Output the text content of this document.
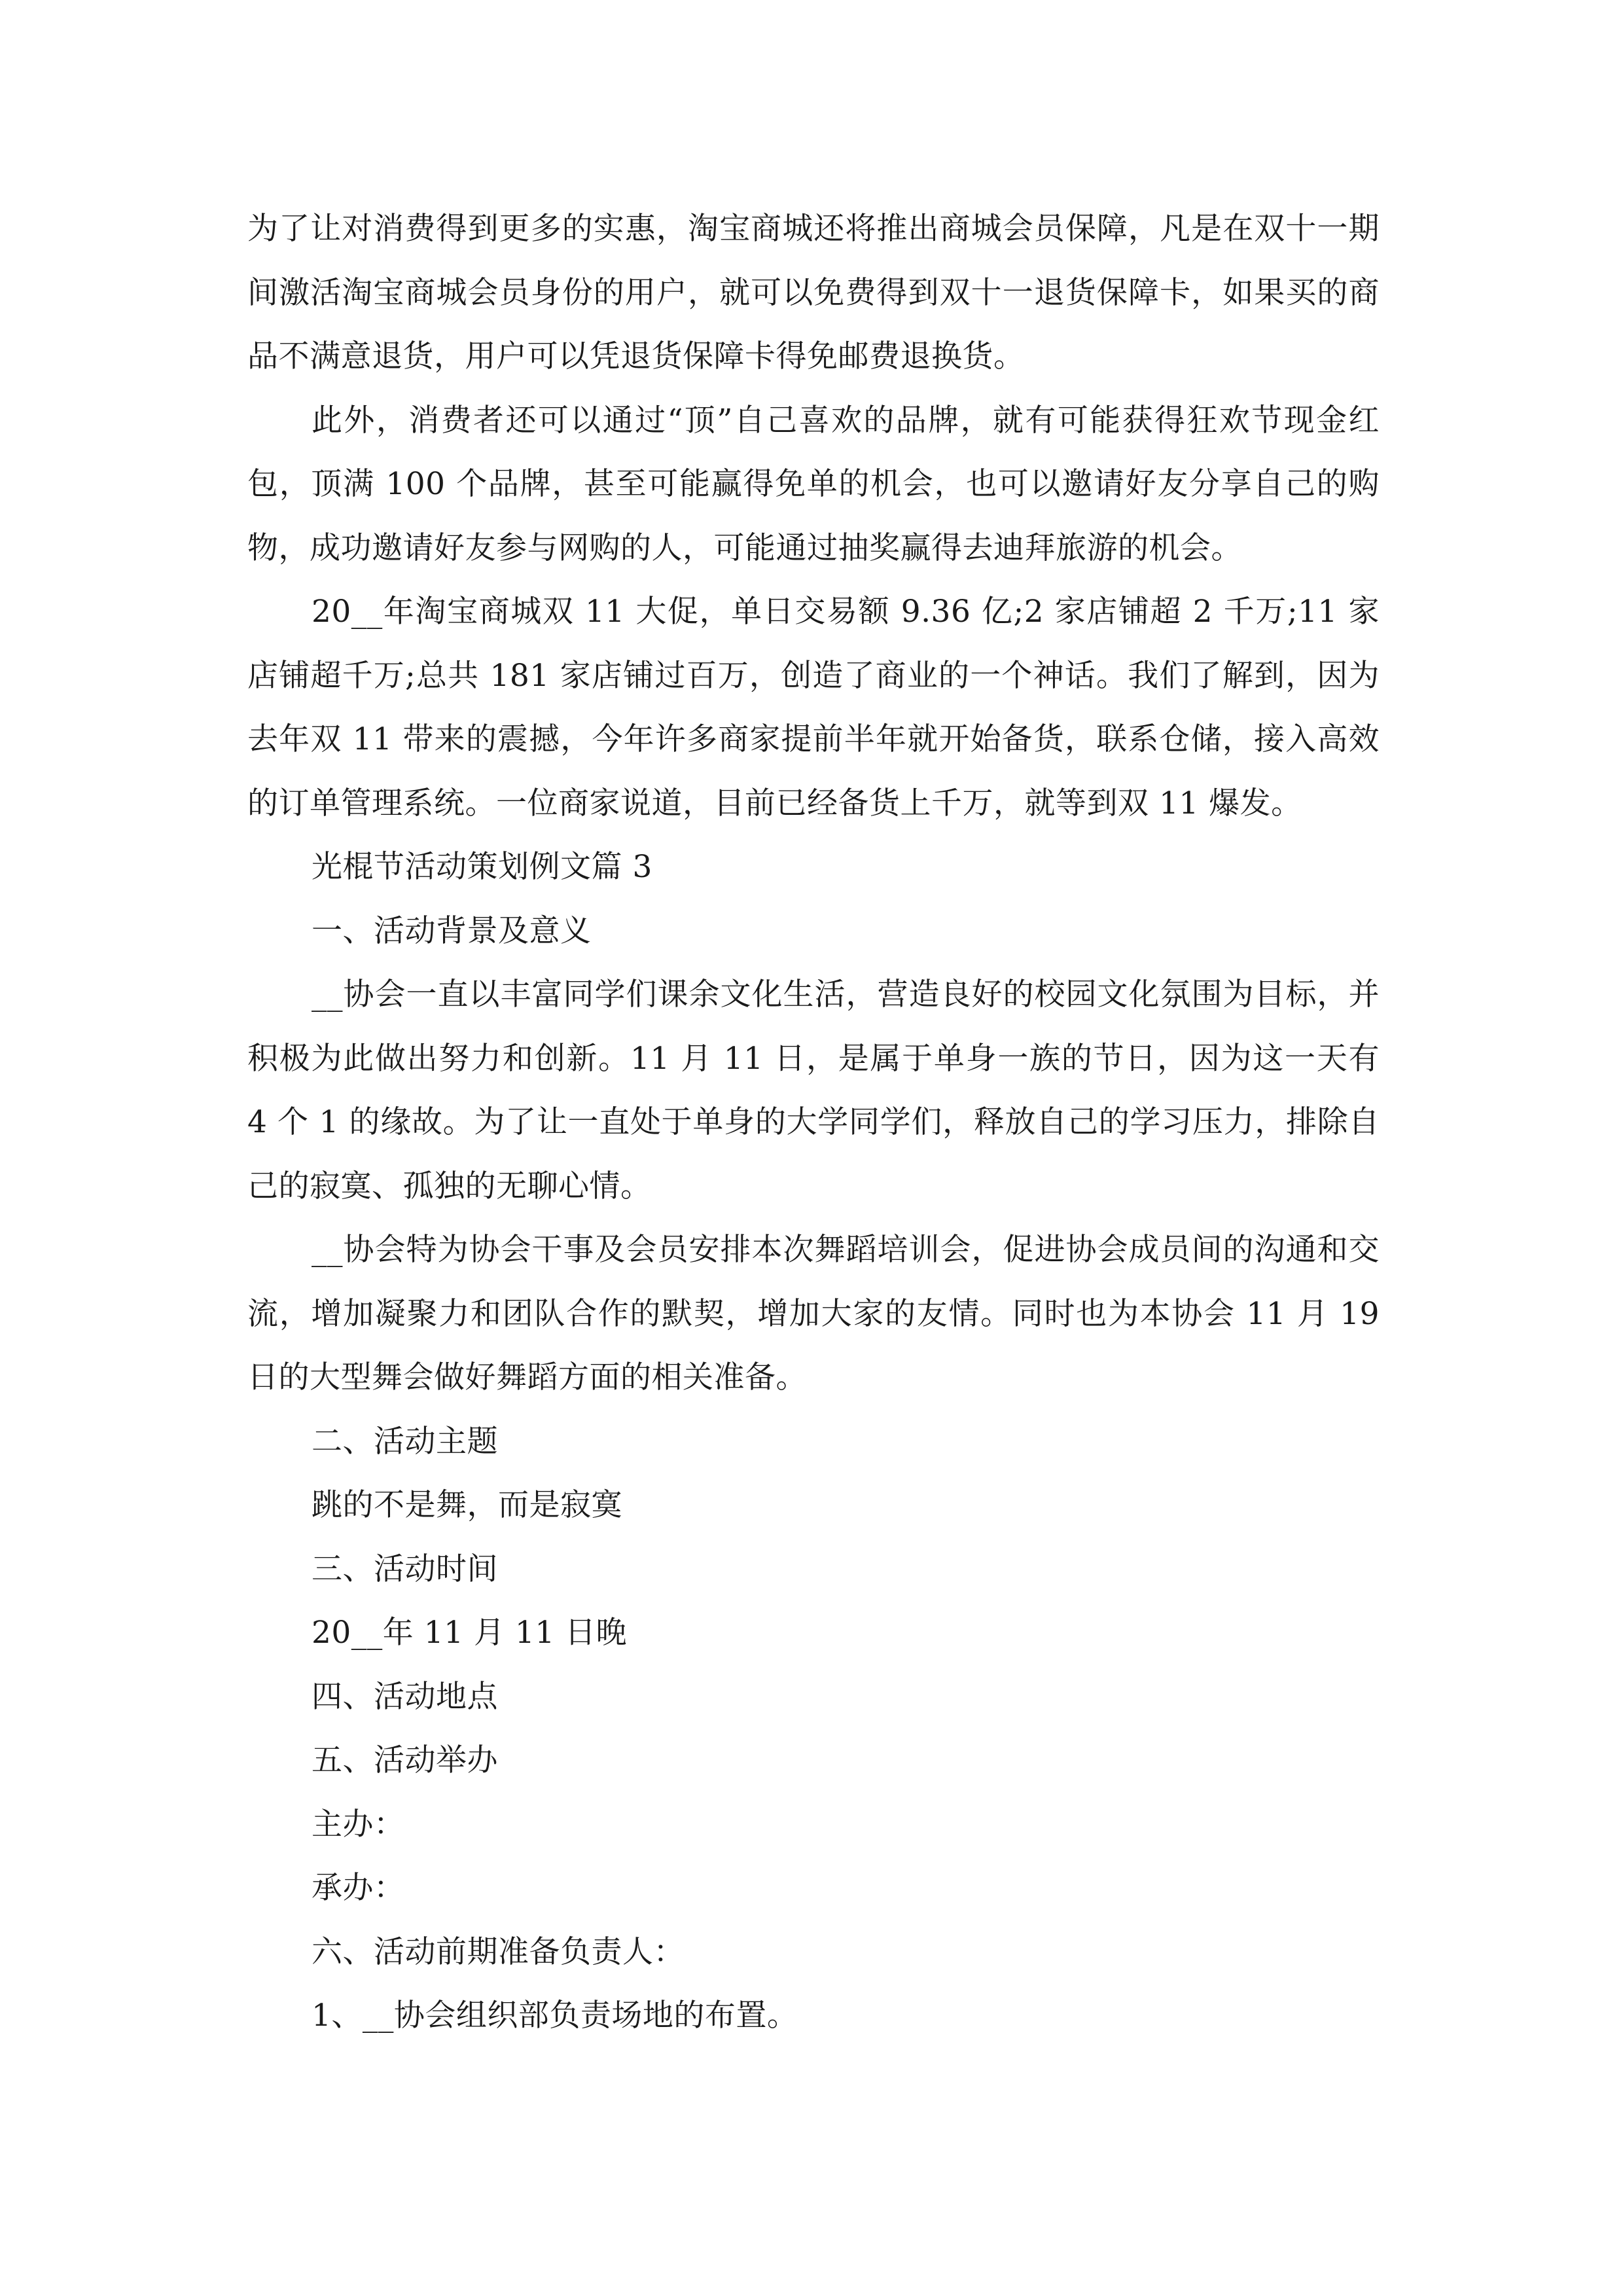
为了让对消费得到更多的实惠，淘宝商城还将推出商城会员保障，凡是在双十一期间激活淘宝商城会员身份的用户，就可以免费得到双十一退货保障卡，如果买的商品不满意退货，用户可以凭退货保障卡得免邮费退换货。

此外，消费者还可以通过“顶”自己喜欢的品牌，就有可能获得狂欢节现金红包，顶满 100 个品牌，甚至可能赢得免单的机会，也可以邀请好友分享自己的购物，成功邀请好友参与网购的人，可能通过抽奖赢得去迪拜旅游的机会。

20__年淘宝商城双 11 大促，单日交易额 9.36 亿;2 家店铺超 2 千万;11 家店铺超千万;总共 181 家店铺过百万，创造了商业的一个神话。我们了解到，因为去年双 11 带来的震撼，今年许多商家提前半年就开始备货，联系仓储，接入高效的订单管理系统。一位商家说道，目前已经备货上千万，就等到双 11 爆发。

光棍节活动策划例文篇 3

一、活动背景及意义

__协会一直以丰富同学们课余文化生活，营造良好的校园文化氛围为目标，并积极为此做出努力和创新。11 月 11 日，是属于单身一族的节日，因为这一天有 4 个 1 的缘故。为了让一直处于单身的大学同学们，释放自己的学习压力，排除自己的寂寞、孤独的无聊心情。

__协会特为协会干事及会员安排本次舞蹈培训会，促进协会成员间的沟通和交流，增加凝聚力和团队合作的默契，增加大家的友情。同时也为本协会 11 月 19 日的大型舞会做好舞蹈方面的相关准备。

二、活动主题

跳的不是舞，而是寂寞

三、活动时间

20__年 11 月 11 日晚

四、活动地点

五、活动举办

主办：

承办：

六、活动前期准备负责人：

1、__协会组织部负责场地的布置。
